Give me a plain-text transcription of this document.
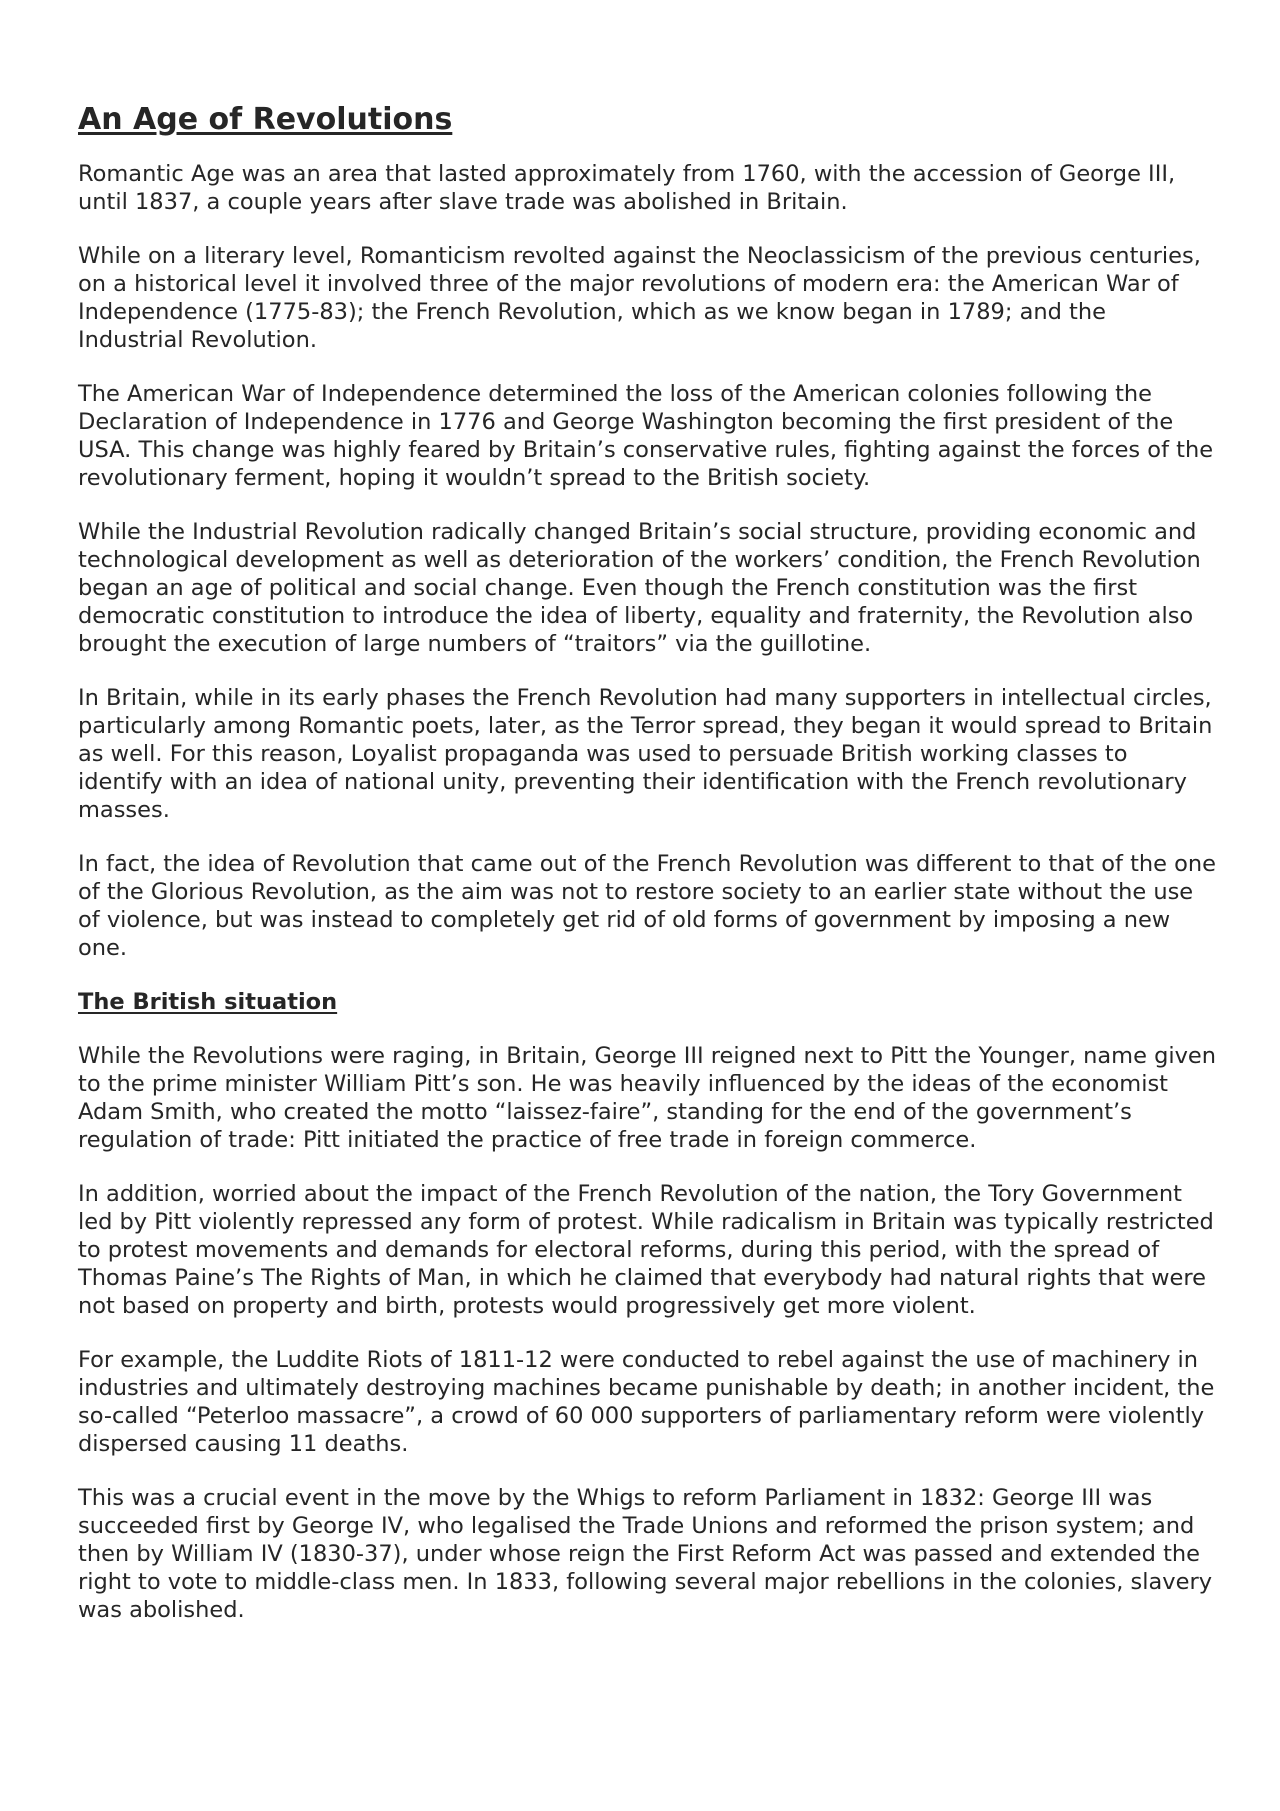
An Age of Revolutions

Romantic Age was an area that lasted approximately from 1760, with the accession of George III, until 1837, a couple years after slave trade was abolished in Britain.

While on a literary level, Romanticism revolted against the Neoclassicism of the previous centuries, on a historical level it involved three of the major revolutions of modern era: the American War of Independence (1775-83); the French Revolution, which as we know began in 1789; and the Industrial Revolution.

The American War of Independence determined the loss of the American colonies following the Declaration of Independence in 1776 and George Washington becoming the first president of the USA. This change was highly feared by Britain’s conservative rules, fighting against the forces of the revolutionary ferment, hoping it wouldn’t spread to the British society.

While the Industrial Revolution radically changed Britain’s social structure, providing economic and technological development as well as deterioration of the workers’ condition, the French Revolution began an age of political and social change. Even though the French constitution was the first democratic constitution to introduce the idea of liberty, equality and fraternity, the Revolution also brought the execution of large numbers of “traitors” via the guillotine.

In Britain, while in its early phases the French Revolution had many supporters in intellectual circles, particularly among Romantic poets, later, as the Terror spread, they began it would spread to Britain as well. For this reason, Loyalist propaganda was used to persuade British working classes to identify with an idea of national unity, preventing their identification with the French revolutionary masses.

In fact, the idea of Revolution that came out of the French Revolution was different to that of the one of the Glorious Revolution, as the aim was not to restore society to an earlier state without the use of violence, but was instead to completely get rid of old forms of government by imposing a new one.

The British situation

While the Revolutions were raging, in Britain, George III reigned next to Pitt the Younger, name given to the prime minister William Pitt’s son. He was heavily influenced by the ideas of the economist Adam Smith, who created the motto “laissez-faire”, standing for the end of the government’s regulation of trade: Pitt initiated the practice of free trade in foreign commerce.

In addition, worried about the impact of the French Revolution of the nation, the Tory Government led by Pitt violently repressed any form of protest. While radicalism in Britain was typically restricted to protest movements and demands for electoral reforms, during this period, with the spread of Thomas Paine’s The Rights of Man, in which he claimed that everybody had natural rights that were not based on property and birth, protests would progressively get more violent.

For example, the Luddite Riots of 1811-12 were conducted to rebel against the use of machinery in industries and ultimately destroying machines became punishable by death; in another incident, the so-called “Peterloo massacre”, a crowd of 60 000 supporters of parliamentary reform were violently dispersed causing 11 deaths.

This was a crucial event in the move by the Whigs to reform Parliament in 1832: George III was succeeded first by George IV, who legalised the Trade Unions and reformed the prison system; and then by William IV (1830-37), under whose reign the First Reform Act was passed and extended the right to vote to middle-class men. In 1833, following several major rebellions in the colonies, slavery was abolished.
